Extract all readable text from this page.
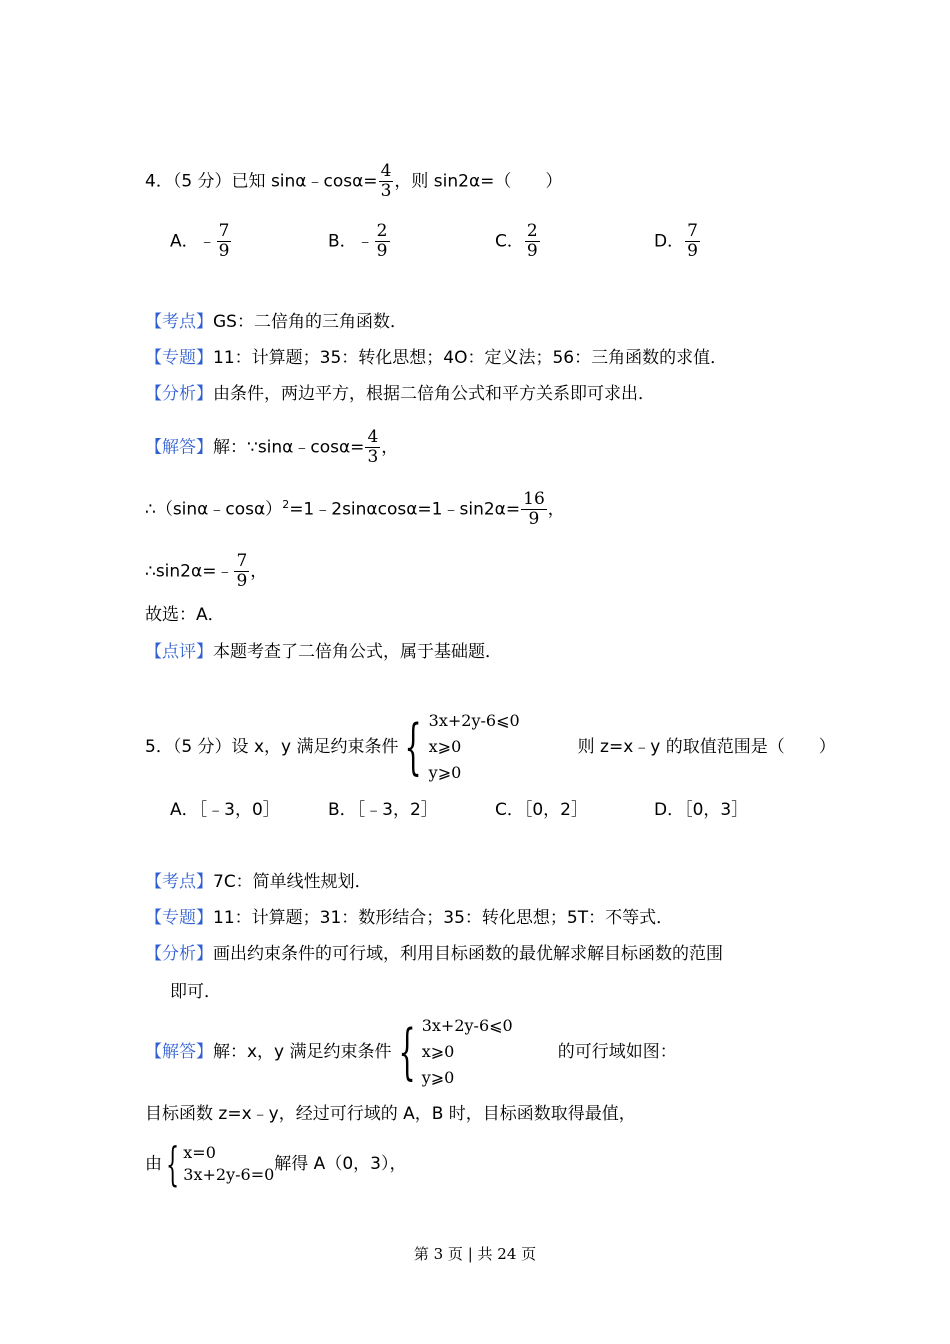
4．（5 分）已知 sinα﹣cosα= $\frac{4}{3}$ ，则 sin2α=（　　）
A．﹣ $\frac{7}{9}$	B．﹣ $\frac{2}{9}$	C． $\frac{2}{9}$	D． $\frac{7}{9}$
【考点】GS：二倍角的三角函数．
【专题】11：计算题；35：转化思想；4O：定义法；56：三角函数的求值．
【分析】由条件，两边平方，根据二倍角公式和平方关系即可求出．
【解答】解：∵sinα﹣cosα= $\frac{4}{3}$ ，
∴（sinα﹣cosα）$^2$=1﹣2sinαcosα=1﹣sin2α= $\frac{16}{9}$ ，
∴sin2α=﹣ $\frac{7}{9}$ ，
故选：A．
【点评】本题考查了二倍角公式，属于基础题．
5．（5 分）设 x，y 满足约束条件 { 3x+2y-6⩽0
x⩾0
y⩾0
则 z=x﹣y 的取值范围是（　　）
A．［﹣3，0］	B．［﹣3，2］	C．［0，2］	D．［0，3］
【考点】7C：简单线性规划．
【专题】11：计算题；31：数形结合；35：转化思想；5T：不等式．
【分析】画出约束条件的可行域，利用目标函数的最优解求解目标函数的范围
即可．
【解答】解：x，y 满足约束条件 { 3x+2y-6⩽0
x⩾0
y⩾0
的可行域如图：
目标函数 z=x﹣y，经过可行域的 A，B 时，目标函数取得最值，
由 { x=0
3x+2y-6=0
解得 A（0，3），
第 3 页 | 共 24 页
